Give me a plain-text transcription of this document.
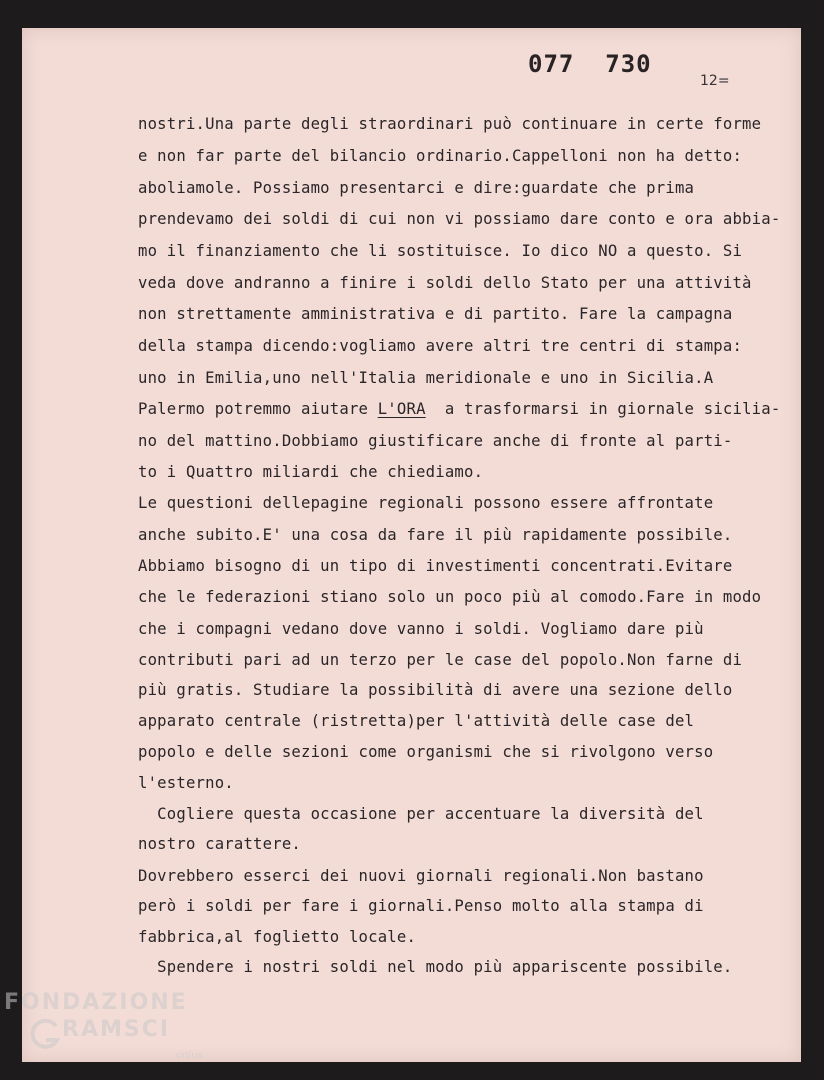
077  730
12=
nostri.Una parte degli straordinari può continuare in certe forme
e non far parte del bilancio ordinario.Cappelloni non ha detto:
aboliamole. Possiamo presentarci e dire:guardate che prima
prendevamo dei soldi di cui non vi possiamo dare conto e ora abbia-
mo il finanziamento che li sostituisce. Io dico NO a questo. Si
veda dove andranno a finire i soldi dello Stato per una attività
non strettamente amministrativa e di partito. Fare la campagna
della stampa dicendo:vogliamo avere altri tre centri di stampa:
uno in Emilia,uno nell'Italia meridionale e uno in Sicilia.A
Palermo potremmo aiutare L'ORA  a trasformarsi in giornale sicilia-
no del mattino.Dobbiamo giustificare anche di fronte al parti-
to i Quattro miliardi che chiediamo.
Le questioni dellepagine regionali possono essere affrontate
anche subito.E' una cosa da fare il più rapidamente possibile.
Abbiamo bisogno di un tipo di investimenti concentrati.Evitare
che le federazioni stiano solo un poco più al comodo.Fare in modo
che i compagni vedano dove vanno i soldi. Vogliamo dare più
contributi pari ad un terzo per le case del popolo.Non farne di
più gratis. Studiare la possibilità di avere una sezione dello
apparato centrale (ristretta)per l'attività delle case del
popolo e delle sezioni come organismi che si rivolgono verso
l'esterno.
Cogliere questa occasione per accentuare la diversità del
nostro carattere.
Dovrebbero esserci dei nuovi giornali regionali.Non bastano
però i soldi per fare i giornali.Penso molto alla stampa di
fabbrica,al foglietto locale.
Spendere i nostri soldi nel modo più appariscente possibile.
FONDAZIONE
RAMSCI
onlus
